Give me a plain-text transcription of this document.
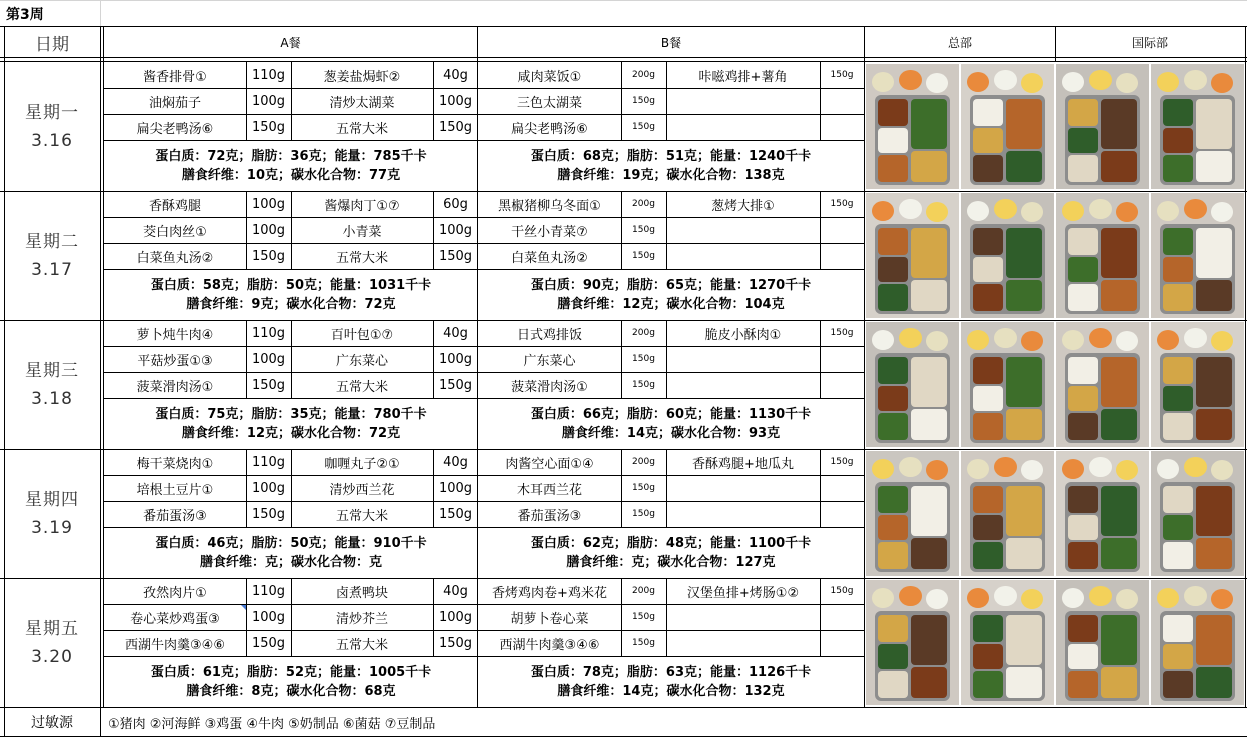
第3周
日期	A餐	B餐	总部	国际部
星期一
3.16
酱香排骨①	110g	葱姜盐焗虾②	40g	咸肉菜饭①	200g	咔嗞鸡排+薯角	150g
油焖茄子	100g	清炒太湖菜	100g	三色太湖菜	150g
扁尖老鸭汤⑥	150g	五常大米	150g	扁尖老鸭汤⑥	150g
蛋白质：72克；脂肪：36克；能量：785千卡
膳食纤维：10克；碳水化合物：77克
蛋白质：68克；脂肪：51克；能量：1240千卡
膳食纤维：19克；碳水化合物：138克
星期二
3.17
香酥鸡腿	100g	酱爆肉丁①⑦	60g	黑椒猪柳乌冬面①	200g	葱烤大排①	150g
茭白肉丝①	100g	小青菜	100g	干丝小青菜⑦	150g
白菜鱼丸汤②	150g	五常大米	150g	白菜鱼丸汤②	150g
蛋白质：58克；脂肪：50克；能量：1031千卡
膳食纤维：9克；碳水化合物：72克
蛋白质：90克；脂肪：65克；能量：1270千卡
膳食纤维：12克；碳水化合物：104克
星期三
3.18
萝卜炖牛肉④	110g	百叶包①⑦	40g	日式鸡排饭	200g	脆皮小酥肉①	150g
平菇炒蛋①③	100g	广东菜心	100g	广东菜心	150g
菠菜滑肉汤①	150g	五常大米	150g	菠菜滑肉汤①	150g
蛋白质：75克；脂肪：35克；能量：780千卡
膳食纤维：12克；碳水化合物：72克
蛋白质：66克；脂肪：60克；能量：1130千卡
膳食纤维：14克；碳水化合物：93克
星期四
3.19
梅干菜烧肉①	110g	咖喱丸子②①	40g	肉酱空心面①④	200g	香酥鸡腿+地瓜丸	150g
培根土豆片①	100g	清炒西兰花	100g	木耳西兰花	150g
番茄蛋汤③	150g	五常大米	150g	番茄蛋汤③	150g
蛋白质：46克；脂肪：50克；能量：910千卡
膳食纤维：克；碳水化合物：克
蛋白质：62克；脂肪：48克；能量：1100千卡
膳食纤维：克；碳水化合物：127克
星期五
3.20
孜然肉片①	110g	卤煮鸭块	40g	香烤鸡肉卷+鸡米花	200g	汉堡鱼排+烤肠①②	150g
卷心菜炒鸡蛋③	100g	清炒芥兰	100g	胡萝卜卷心菜	150g
西湖牛肉羹③④⑥	150g	五常大米	150g	西湖牛肉羹③④⑥	150g
蛋白质：61克；脂肪：52克；能量：1005千卡
膳食纤维：8克；碳水化合物：68克
蛋白质：78克；脂肪：63克；能量：1126千卡
膳食纤维：14克；碳水化合物：132克
过敏源	①猪肉 ②河海鲜 ③鸡蛋 ④牛肉 ⑤奶制品 ⑥菌菇 ⑦豆制品
